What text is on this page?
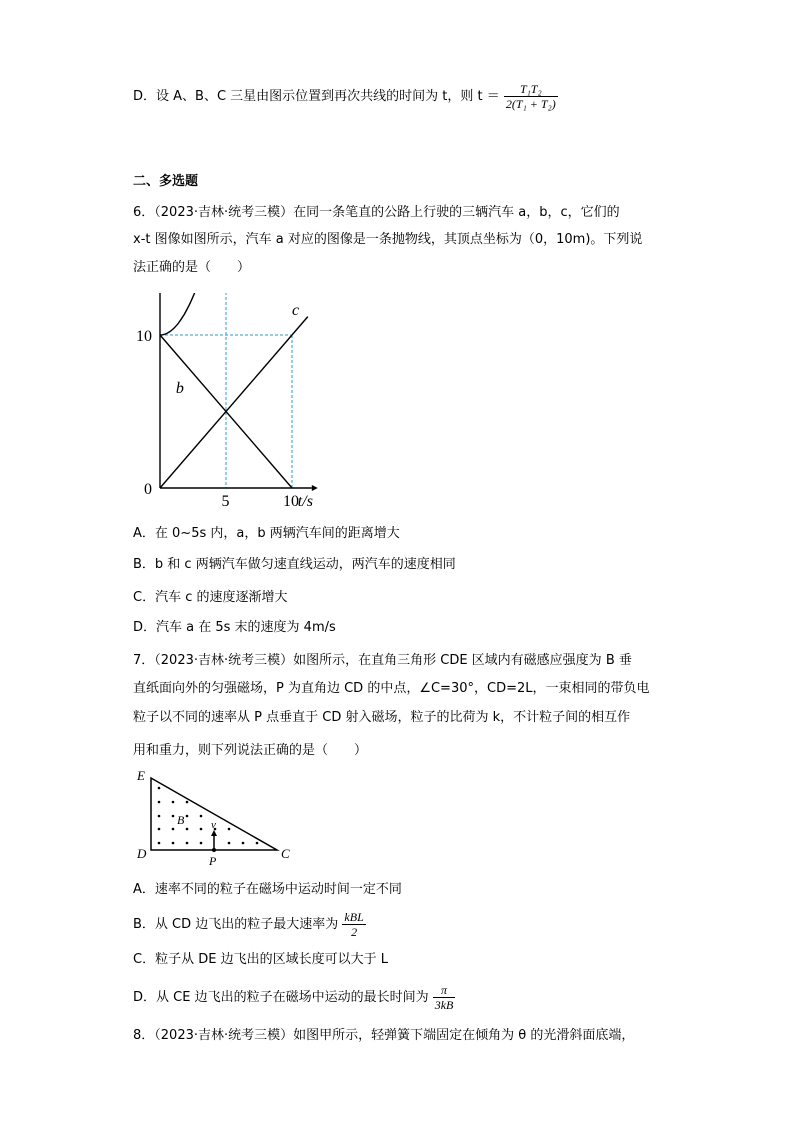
D．设 A、B、C 三星由图示位置到再次共线的时间为 t，则 $t = \frac{\text{T₁T₂}}{\text{2(T₁ + T₂)}}$
二、多选题
6．（2023·吉林·统考三模）在同一条笔直的公路上行驶的三辆汽车 a，b，c，它们的
x-t 图像如图所示，汽车 a 对应的图像是一条抛物线，其顶点坐标为（0，10m)。下列说
法正确的是（　　）
b
c
10
0
5	10
t/s
A．在 0~5s 内，a，b 两辆汽车间的距离增大
B．b 和 c 两辆汽车做匀速直线运动，两汽车的速度相同
C．汽车 c 的速度逐渐增大
D．汽车 a 在 5s 末的速度为 4m/s
7．（2023·吉林·统考三模）如图所示，在直角三角形 CDE 区域内有磁感应强度为 B 垂
直纸面向外的匀强磁场，P 为直角边 CD 的中点，∠C=30°，CD=2L，一束相同的带负电
粒子以不同的速率从 P 点垂直于 CD 射入磁场，粒子的比荷为 k，不计粒子间的相互作
用和重力，则下列说法正确的是（　　）
E
D	C
P
B v
A．速率不同的粒子在磁场中运动时间一定不同
B．从 CD 边飞出的粒子最大速率为 $\frac{\text{kBL}}{2}$
C．粒子从 DE 边飞出的区域长度可以大于 L
D．从 CE 边飞出的粒子在磁场中运动的最长时间为 $\frac{\pi}{3kB}$
8．（2023·吉林·统考三模）如图甲所示，轻弹簧下端固定在倾角为 θ 的光滑斜面底端，
